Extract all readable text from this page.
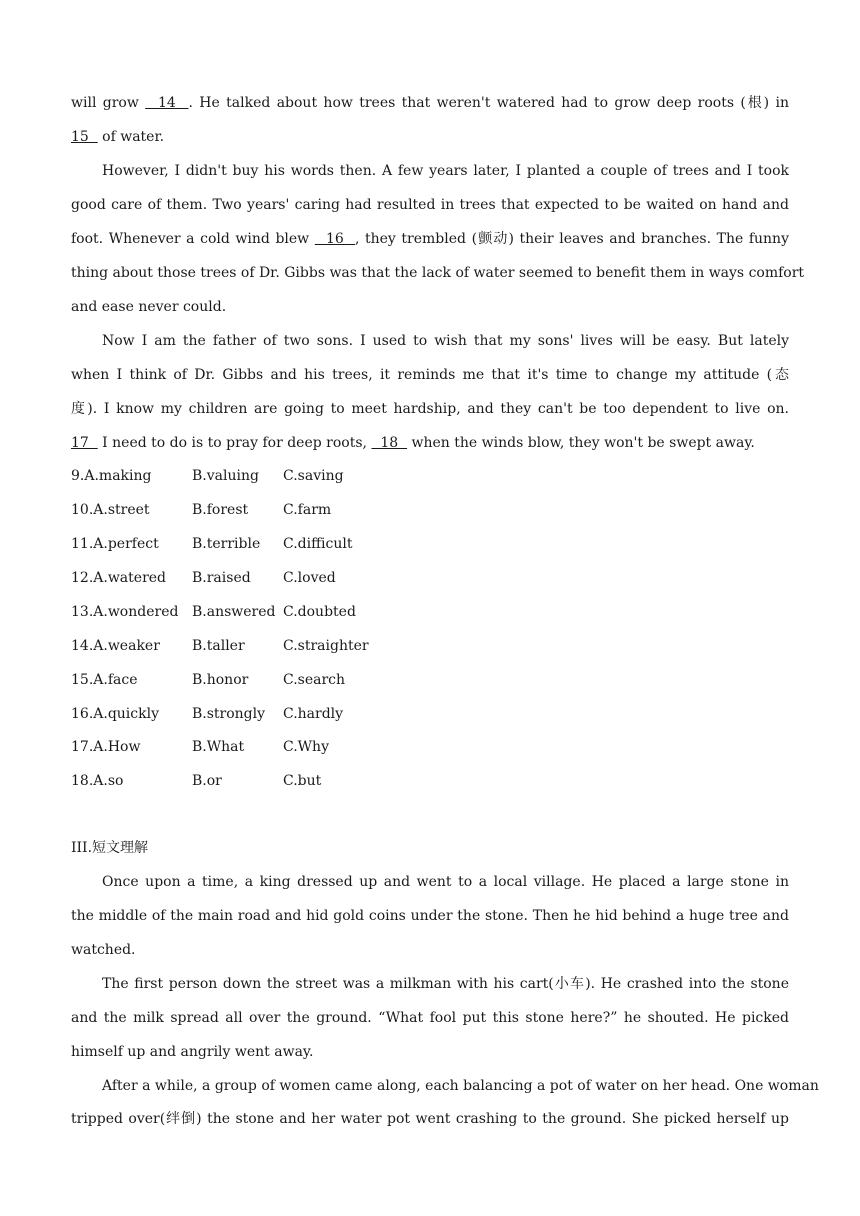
will grow   14  . He talked about how trees that weren't watered had to grow deep roots (根) in
15   of water.
However, I didn't buy his words then. A few years later, I planted a couple of trees and I took
good care of them. Two years' caring had resulted in trees that expected to be waited on hand and
foot. Whenever a cold wind blew   16  , they trembled (颤动) their leaves and branches. The funny
thing about those trees of Dr. Gibbs was that the lack of water seemed to benefit them in ways comfort
and ease never could.
Now I am the father of two sons. I used to wish that my sons' lives will be easy. But lately
when I think of Dr. Gibbs and his trees, it reminds me that it's time to change my attitude (态
度). I know my children are going to meet hardship, and they can't be too dependent to live on.
17   I need to do is to pray for deep roots,   18   when the winds blow, they won't be swept away.
9.A.making	B.valuing C.saving
10.A.street	B.forest C.farm
11.A.perfect B.terrible C.difficult
12.A.watered B.raised C.loved
13.A.wondered B.answered C.doubted
14.A.weaker B.taller	C.straighter
15.A.face	B.honor C.search
16.A.quickly B.strongly C.hardly
17.A.How	B.What	C.Why
18.A.so	B.or	C.but
III.短文理解
Once upon a time, a king dressed up and went to a local village. He placed a large stone in
the middle of the main road and hid gold coins under the stone. Then he hid behind a huge tree and
watched.
The first person down the street was a milkman with his cart(小车). He crashed into the stone
and the milk spread all over the ground. “What fool put this stone here?” he shouted. He picked
himself up and angrily went away.
After a while, a group of women came along, each balancing a pot of water on her head. One woman
tripped over(绊倒) the stone and her water pot went crashing to the ground. She picked herself up
